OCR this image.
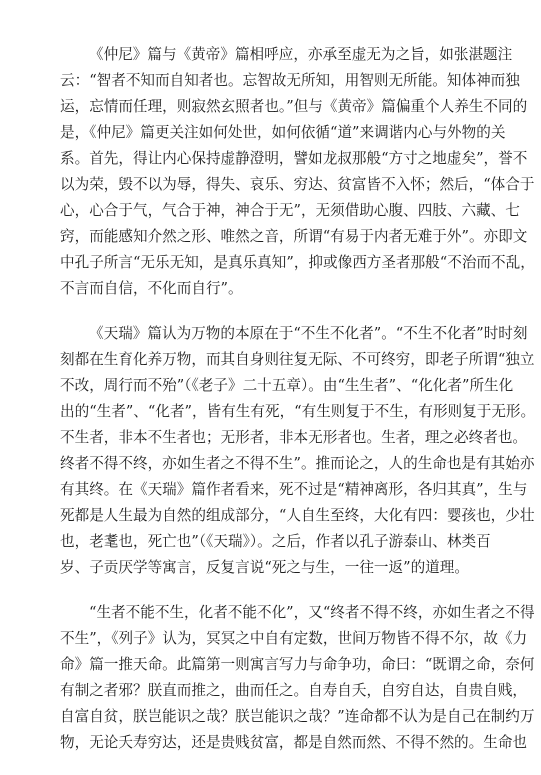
《仲尼》篇与《黄帝》篇相呼应，亦承至虚无为之旨，如张湛题注
云：“智者不知而自知者也。忘智故无所知，用智则无所能。知体神而独
运，忘情而任理，则寂然玄照者也。”但与《黄帝》篇偏重个人养生不同的
是，《仲尼》篇更关注如何处世，如何依循“道”来调谐内心与外物的关
系。首先，得让内心保持虚静澄明，譬如龙叔那般“方寸之地虚矣”，誉不
以为荣，毁不以为辱，得失、哀乐、穷达、贫富皆不入怀；然后，“体合于
心，心合于气，气合于神，神合于无”，无须借助心腹、四肢、六藏、七
窍，而能感知介然之形、唯然之音，所谓“有易于内者无难于外”。亦即文
中孔子所言“无乐无知，是真乐真知”，抑或像西方圣者那般“不治而不乱，
不言而自信，不化而自行”。
《天瑞》篇认为万物的本原在于“不生不化者”。“不生不化者”时时刻
刻都在生育化养万物，而其自身则往复无际、不可终穷，即老子所谓“独立
不改，周行而不殆”（《老子》二十五章）。由“生生者”、“化化者”所生化
出的“生者”、“化者”，皆有生有死，“有生则复于不生，有形则复于无形。
不生者，非本不生者也；无形者，非本无形者也。生者，理之必终者也。
终者不得不终，亦如生者之不得不生”。推而论之，人的生命也是有其始亦
有其终。在《天瑞》篇作者看来，死不过是“精神离形，各归其真”，生与
死都是人生最为自然的组成部分，“人自生至终，大化有四：婴孩也，少壮
也，老耄也，死亡也”（《天瑞》）。之后，作者以孔子游泰山、林类百
岁、子贡厌学等寓言，反复言说“死之与生，一往一返”的道理。
“生者不能不生，化者不能不化”，又“终者不得不终，亦如生者之不得
不生”，《列子》认为，冥冥之中自有定数，世间万物皆不得不尔，故《力
命》篇一推天命。此篇第一则寓言写力与命争功，命曰：“既谓之命，奈何
有制之者邪？朕直而推之，曲而任之。自寿自夭，自穷自达，自贵自贱，
自富自贫，朕岂能识之哉？朕岂能识之哉？”连命都不认为是自己在制约万
物，无论夭寿穷达，还是贵贱贫富，都是自然而然、不得不然的。生命也
